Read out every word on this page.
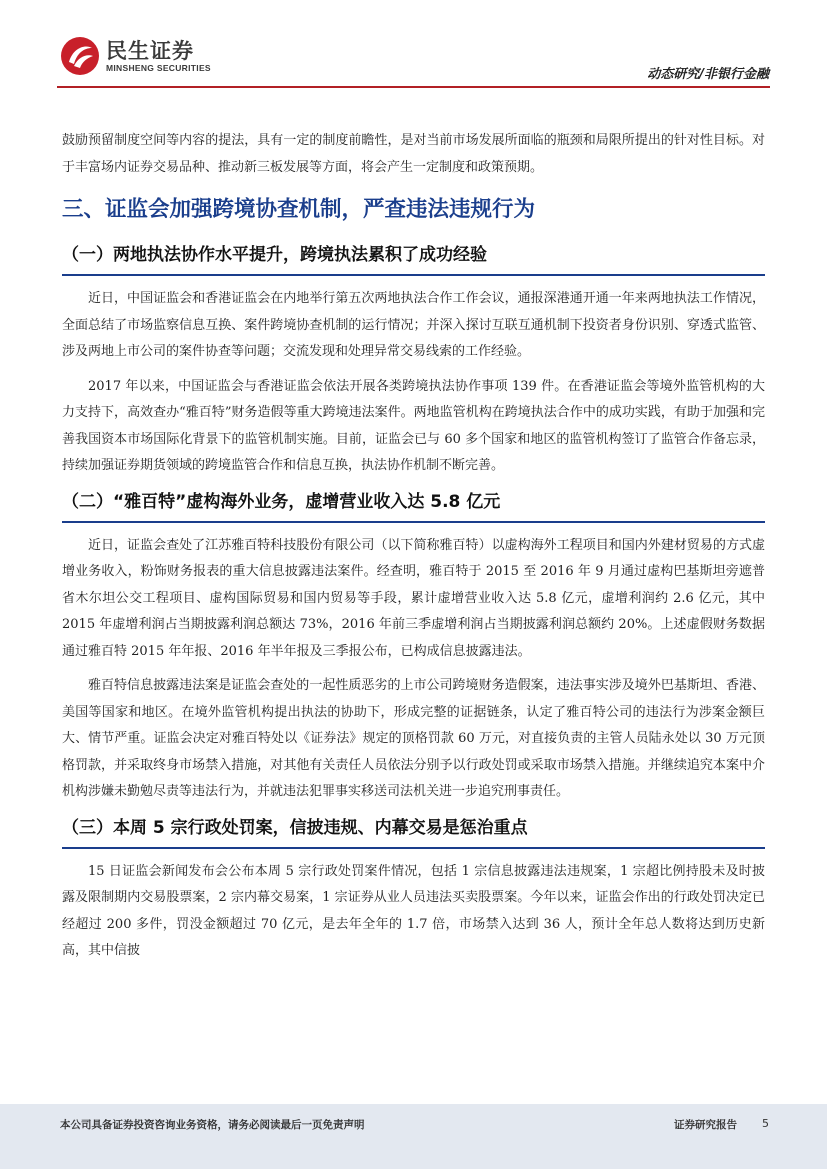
民生证券
MINSHENG SECURITIES	动态研究/非银行金融

鼓励预留制度空间等内容的提法，具有一定的制度前瞻性，是对当前市场发展所面临的瓶颈和局限所提出的针对性目标。对于丰富场内证券交易品种、推动新三板发展等方面，将会产生一定制度和政策预期。

三、证监会加强跨境协查机制，严查违法违规行为
（一）两地执法协作水平提升，跨境执法累积了成功经验

近日，中国证监会和香港证监会在内地举行第五次两地执法合作工作会议，通报深港通开通一年来两地执法工作情况，全面总结了市场监察信息互换、案件跨境协查机制的运行情况；并深入探讨互联互通机制下投资者身份识别、穿透式监管、涉及两地上市公司的案件协查等问题；交流发现和处理异常交易线索的工作经验。

2017 年以来，中国证监会与香港证监会依法开展各类跨境执法协作事项 139 件。在香港证监会等境外监管机构的大力支持下，高效查办“雅百特”财务造假等重大跨境违法案件。两地监管机构在跨境执法合作中的成功实践，有助于加强和完善我国资本市场国际化背景下的监管机制实施。目前，证监会已与 60 多个国家和地区的监管机构签订了监管合作备忘录，持续加强证券期货领域的跨境监管合作和信息互换，执法协作机制不断完善。

（二）“雅百特”虚构海外业务，虚增营业收入达 5.8 亿元

近日，证监会查处了江苏雅百特科技股份有限公司（以下简称雅百特）以虚构海外工程项目和国内外建材贸易的方式虚增业务收入，粉饰财务报表的重大信息披露违法案件。经查明，雅百特于 2015 至 2016 年 9 月通过虚构巴基斯坦旁遮普省木尔坦公交工程项目、虚构国际贸易和国内贸易等手段，累计虚增营业收入达 5.8 亿元，虚增利润约 2.6 亿元，其中 2015 年虚增利润占当期披露利润总额达 73%，2016 年前三季虚增利润占当期披露利润总额约 20%。上述虚假财务数据通过雅百特 2015 年年报、2016 年半年报及三季报公布，已构成信息披露违法。

雅百特信息披露违法案是证监会查处的一起性质恶劣的上市公司跨境财务造假案，违法事实涉及境外巴基斯坦、香港、美国等国家和地区。在境外监管机构提出执法的协助下，形成完整的证据链条，认定了雅百特公司的违法行为涉案金额巨大、情节严重。证监会决定对雅百特处以《证券法》规定的顶格罚款 60 万元，对直接负责的主管人员陆永处以 30 万元顶格罚款，并采取终身市场禁入措施，对其他有关责任人员依法分别予以行政处罚或采取市场禁入措施。并继续追究本案中介机构涉嫌未勤勉尽责等违法行为，并就违法犯罪事实移送司法机关进一步追究刑事责任。

（三）本周 5 宗行政处罚案，信披违规、内幕交易是惩治重点

15 日证监会新闻发布会公布本周 5 宗行政处罚案件情况，包括 1 宗信息披露违法违规案，1 宗超比例持股未及时披露及限制期内交易股票案，2 宗内幕交易案，1 宗证券从业人员违法买卖股票案。今年以来，证监会作出的行政处罚决定已经超过 200 多件，罚没金额超过 70 亿元，是去年全年的 1.7 倍，市场禁入达到 36 人，预计全年总人数将达到历史新高，其中信披

本公司具备证券投资咨询业务资格，请务必阅读最后一页免责声明	证券研究报告 5
